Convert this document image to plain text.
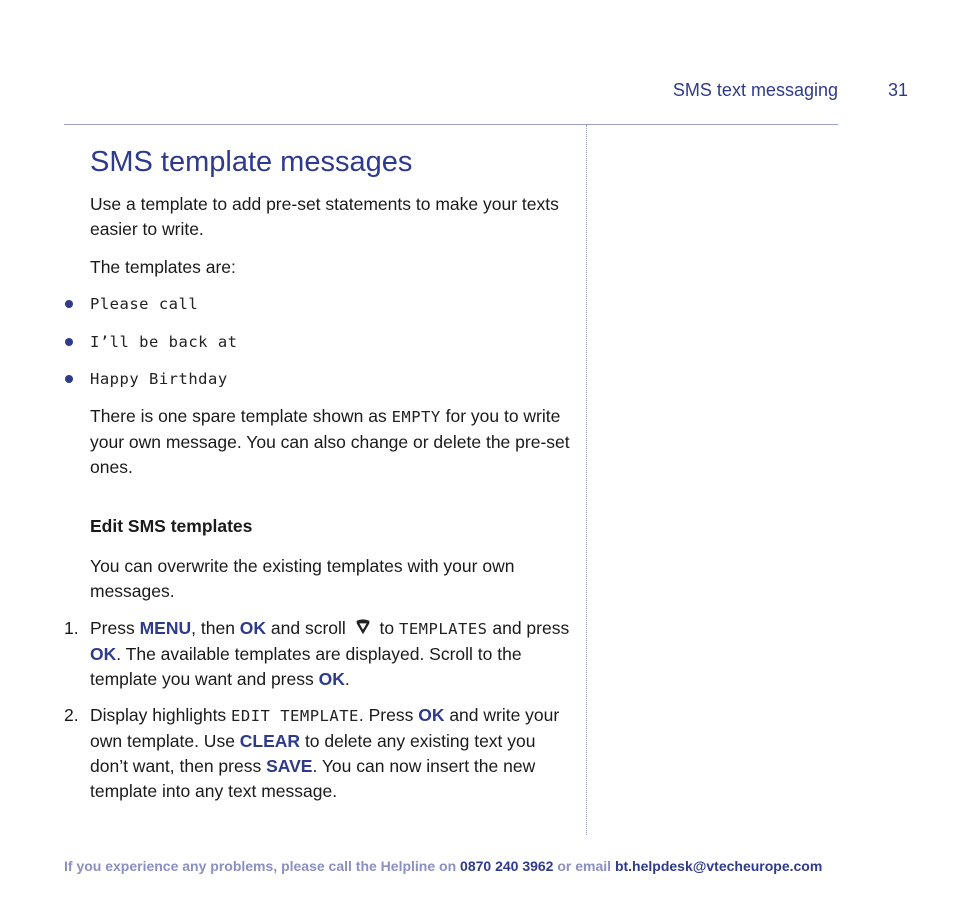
SMS text messaging	31
SMS template messages

Use a template to add pre-set statements to make your texts easier to write.

The templates are:

Please call
I’ll be back at
Happy Birthday

There is one spare template shown as EMPTY for you to write your own message. You can also change or delete the pre-set ones.

Edit SMS templates

You can overwrite the existing templates with your own messages.

1. Press MENU, then OK and scroll  to TEMPLATES and press OK. The available templates are displayed. Scroll to the template you want and press OK.

2. Display highlights EDIT TEMPLATE. Press OK and write your own template. Use CLEAR to delete any existing text you don’t want, then press SAVE. You can now insert the new template into any text message.

If you experience any problems, please call the Helpline on 0870 240 3962 or email bt.helpdesk@vtecheurope.com
